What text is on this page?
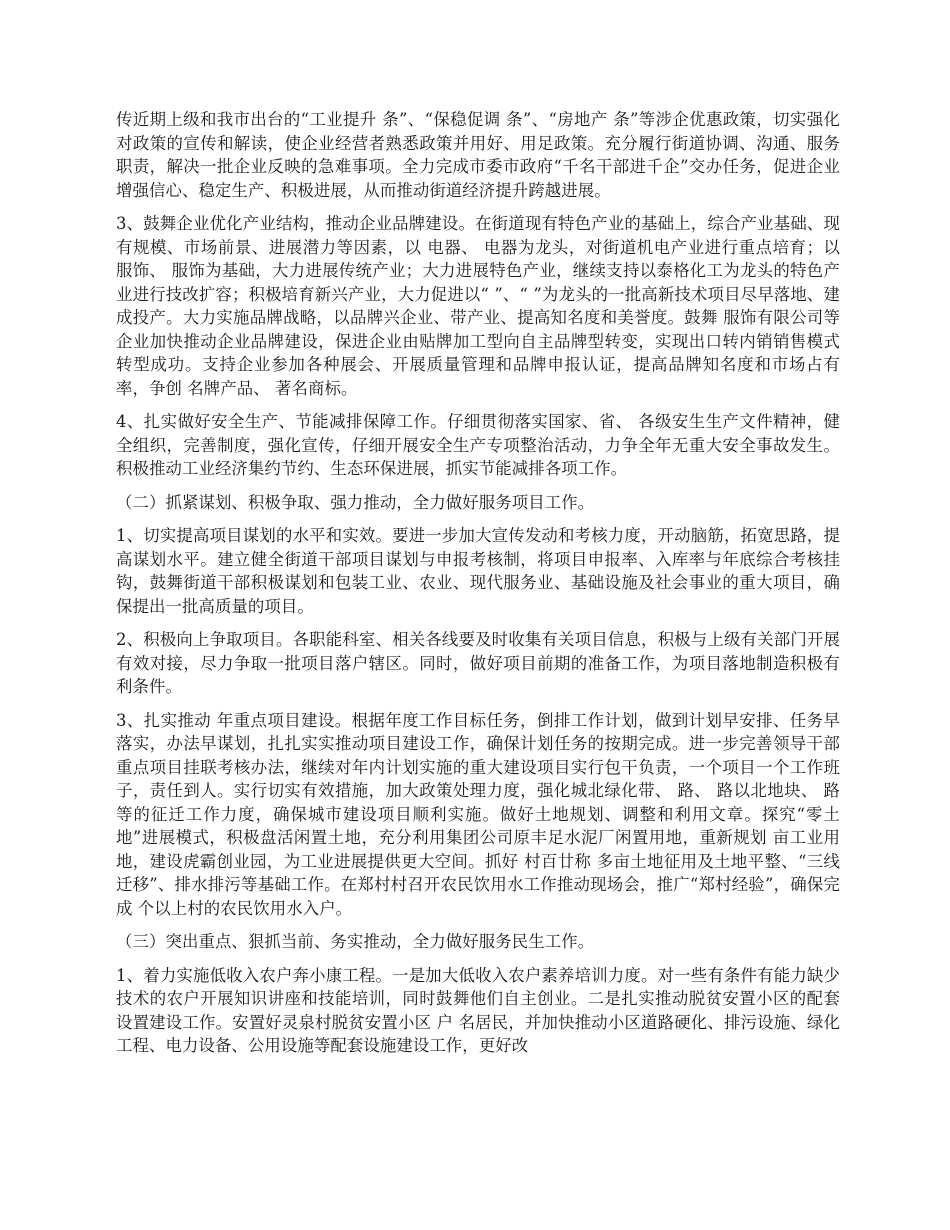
传近期上级和我市出台的“工业提升 条”、“保稳促调 条”、“房地产 条”等涉企优惠政策，切实强化对政策的宣传和解读，使企业经营者熟悉政策并用好、用足政策。充分履行街道协调、沟通、服务职责，解决一批企业反映的急难事项。全力完成市委市政府“千名干部进千企”交办任务，促进企业增强信心、稳定生产、积极进展，从而推动街道经济提升跨越进展。

3、鼓舞企业优化产业结构，推动企业品牌建设。在街道现有特色产业的基础上，综合产业基础、现有规模、市场前景、进展潜力等因素，以 电器、 电器为龙头，对街道机电产业进行重点培育；以 服饰、 服饰为基础，大力进展传统产业；大力进展特色产业，继续支持以泰格化工为龙头的特色产业进行技改扩容；积极培育新兴产业，大力促进以“ ”、“ ”为龙头的一批高新技术项目尽早落地、建成投产。大力实施品牌战略，以品牌兴企业、带产业、提高知名度和美誉度。鼓舞 服饰有限公司等企业加快推动企业品牌建设，保进企业由贴牌加工型向自主品牌型转变，实现出口转内销销售模式转型成功。支持企业参加各种展会、开展质量管理和品牌申报认证，提高品牌知名度和市场占有率，争创 名牌产品、 著名商标。

4、扎实做好安全生产、节能减排保障工作。仔细贯彻落实国家、省、 各级安生生产文件精神，健全组织，完善制度，强化宣传，仔细开展安全生产专项整治活动，力争全年无重大安全事故发生。积极推动工业经济集约节约、生态环保进展，抓实节能减排各项工作。

（二）抓紧谋划、积极争取、强力推动，全力做好服务项目工作。

1、切实提高项目谋划的水平和实效。要进一步加大宣传发动和考核力度，开动脑筋，拓宽思路，提高谋划水平。建立健全街道干部项目谋划与申报考核制，将项目申报率、入库率与年底综合考核挂钩，鼓舞街道干部积极谋划和包装工业、农业、现代服务业、基础设施及社会事业的重大项目，确保提出一批高质量的项目。

2、积极向上争取项目。各职能科室、相关各线要及时收集有关项目信息，积极与上级有关部门开展有效对接，尽力争取一批项目落户辖区。同时，做好项目前期的准备工作，为项目落地制造积极有利条件。

3、扎实推动 年重点项目建设。根据年度工作目标任务，倒排工作计划，做到计划早安排、任务早落实，办法早谋划，扎扎实实推动项目建设工作，确保计划任务的按期完成。进一步完善领导干部重点项目挂联考核办法，继续对年内计划实施的重大建设项目实行包干负责，一个项目一个工作班子，责任到人。实行切实有效措施，加大政策处理力度，强化城北绿化带、 路、 路以北地块、 路等的征迁工作力度，确保城市建设项目顺利实施。做好土地规划、调整和利用文章。探究“零土地”进展模式，积极盘活闲置土地，充分利用集团公司原丰足水泥厂闲置用地，重新规划 亩工业用地，建设虎霸创业园，为工业进展提供更大空间。抓好 村百廿称 多亩土地征用及土地平整、“三线迁移”、排水排污等基础工作。在郑村村召开农民饮用水工作推动现场会，推广“郑村经验”，确保完成 个以上村的农民饮用水入户。

（三）突出重点、狠抓当前、务实推动，全力做好服务民生工作。

1、着力实施低收入农户奔小康工程。一是加大低收入农户素养培训力度。对一些有条件有能力缺少技术的农户开展知识讲座和技能培训，同时鼓舞他们自主创业。二是扎实推动脱贫安置小区的配套设置建设工作。安置好灵泉村脱贫安置小区 户 名居民，并加快推动小区道路硬化、排污设施、绿化工程、电力设备、公用设施等配套设施建设工作，更好改
